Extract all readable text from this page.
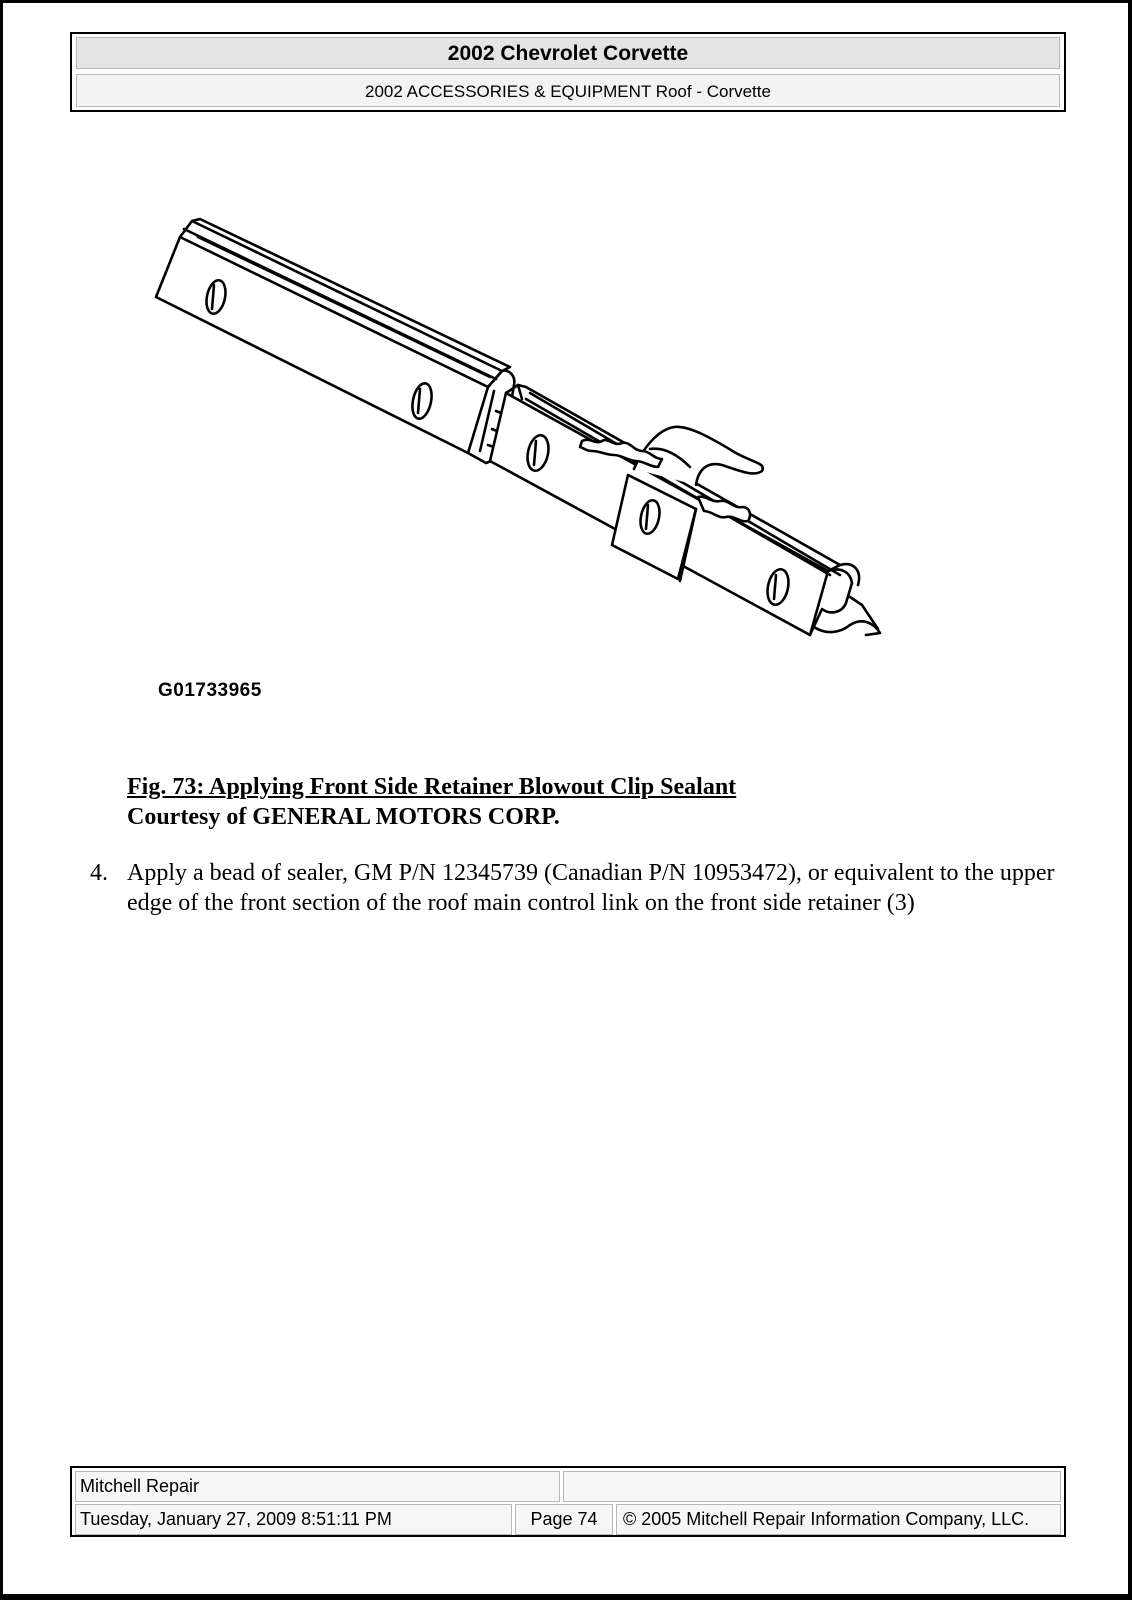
2002 Chevrolet Corvette
2002 ACCESSORIES & EQUIPMENT Roof - Corvette
G01733965
Fig. 73: Applying Front Side Retainer Blowout Clip Sealant
Courtesy of GENERAL MOTORS CORP.
4. Apply a bead of sealer, GM P/N 12345739 (Canadian P/N 10953472), or equivalent to the upper edge of the front section of the roof main control link on the front side retainer (3)
Mitchell Repair
Tuesday, January 27, 2009 8:51:11 PM	Page 74	© 2005 Mitchell Repair Information Company, LLC.
